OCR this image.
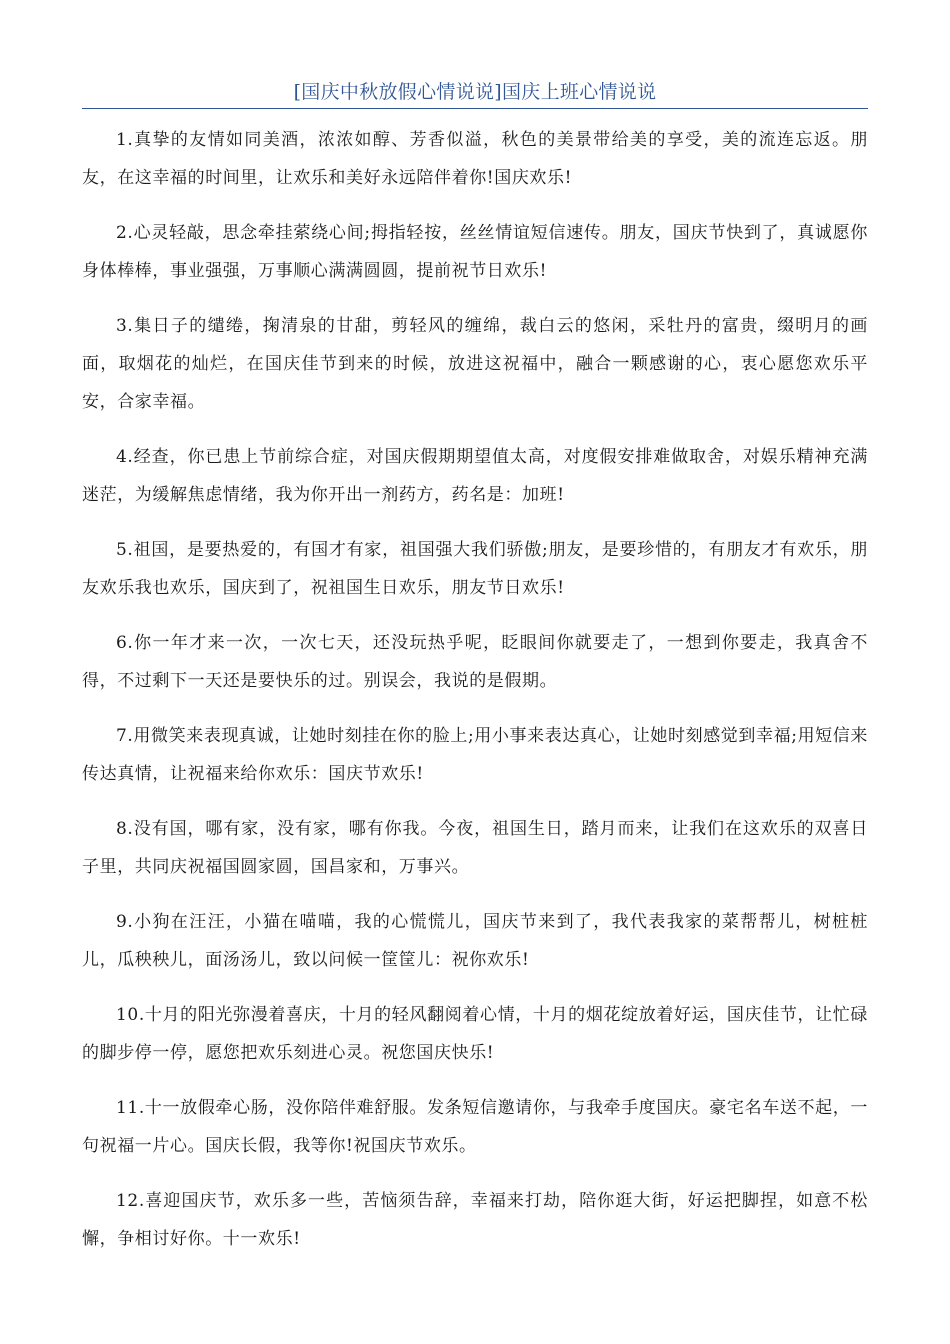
[国庆中秋放假心情说说]国庆上班心情说说

1.真挚的友情如同美酒，浓浓如醇、芳香似溢，秋色的美景带给美的享受，美的流连忘返。朋友，在这幸福的时间里，让欢乐和美好永远陪伴着你!国庆欢乐!

2.心灵轻敲，思念牵挂萦绕心间;拇指轻按，丝丝情谊短信速传。朋友，国庆节快到了，真诚愿你身体棒棒，事业强强，万事顺心满满圆圆，提前祝节日欢乐!

3.集日子的缱绻，掬清泉的甘甜，剪轻风的缠绵，裁白云的悠闲，采牡丹的富贵，缀明月的画面，取烟花的灿烂，在国庆佳节到来的时候，放进这祝福中，融合一颗感谢的心，衷心愿您欢乐平安，合家幸福。

4.经查，你已患上节前综合症，对国庆假期期望值太高，对度假安排难做取舍，对娱乐精神充满迷茫，为缓解焦虑情绪，我为你开出一剂药方，药名是：加班!

5.祖国，是要热爱的，有国才有家，祖国强大我们骄傲;朋友，是要珍惜的，有朋友才有欢乐，朋友欢乐我也欢乐，国庆到了，祝祖国生日欢乐，朋友节日欢乐!

6.你一年才来一次，一次七天，还没玩热乎呢，眨眼间你就要走了，一想到你要走，我真舍不得，不过剩下一天还是要快乐的过。别误会，我说的是假期。

7.用微笑来表现真诚，让她时刻挂在你的脸上;用小事来表达真心，让她时刻感觉到幸福;用短信来传达真情，让祝福来给你欢乐：国庆节欢乐!

8.没有国，哪有家，没有家，哪有你我。今夜，祖国生日，踏月而来，让我们在这欢乐的双喜日子里，共同庆祝福国圆家圆，国昌家和，万事兴。

9.小狗在汪汪，小猫在喵喵，我的心慌慌儿，国庆节来到了，我代表我家的菜帮帮儿，树桩桩儿，瓜秧秧儿，面汤汤儿，致以问候一筐筐儿：祝你欢乐!

10.十月的阳光弥漫着喜庆，十月的轻风翻阅着心情，十月的烟花绽放着好运，国庆佳节，让忙碌的脚步停一停，愿您把欢乐刻进心灵。祝您国庆快乐!

11.十一放假牵心肠，没你陪伴难舒服。发条短信邀请你，与我牵手度国庆。豪宅名车送不起，一句祝福一片心。国庆长假，我等你!祝国庆节欢乐。

12.喜迎国庆节，欢乐多一些，苦恼须告辞，幸福来打劫，陪你逛大街，好运把脚捏，如意不松懈，争相讨好你。十一欢乐!
